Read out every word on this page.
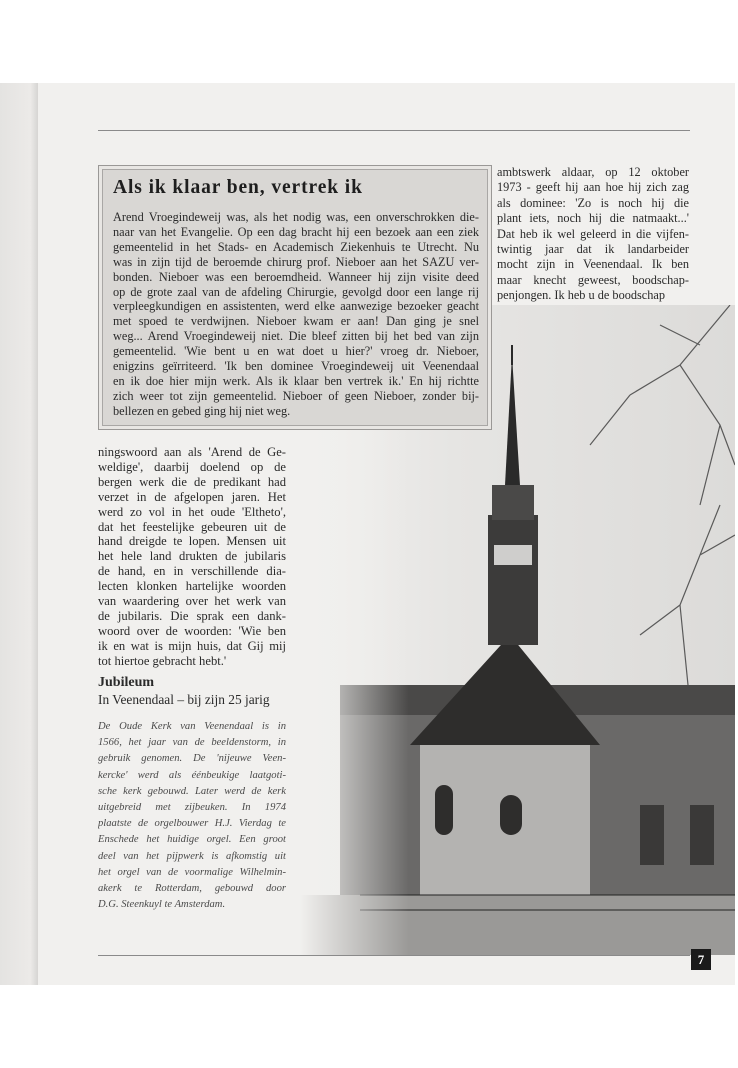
Als ik klaar ben, vertrek ik
Arend Vroegindeweij was, als het nodig was, een onverschrokken die-
naar van het Evangelie. Op een dag bracht hij een bezoek aan een ziek
gemeentelid in het Stads- en Academisch Ziekenhuis te Utrecht. Nu
was in zijn tijd de beroemde chirurg prof. Nieboer aan het SAZU ver-
bonden. Nieboer was een beroemdheid. Wanneer hij zijn visite deed
op de grote zaal van de afdeling Chirurgie, gevolgd door een lange rij
verpleegkundigen en assistenten, werd elke aanwezige bezoeker geacht
met spoed te verdwijnen. Nieboer kwam er aan! Dan ging je snel
weg... Arend Vroegindeweij niet. Die bleef zitten bij het bed van zijn
gemeentelid. 'Wie bent u en wat doet u hier?' vroeg dr. Nieboer,
enigzins geïrriteerd. 'Ik ben dominee Vroegindeweij uit Veenendaal
en ik doe hier mijn werk. Als ik klaar ben vertrek ik.' En hij richtte
zich weer tot zijn gemeentelid. Nieboer of geen Nieboer, zonder bij-
bellezen en gebed ging hij niet weg.
ambtswerk aldaar, op 12 oktober
1973 - geeft hij aan hoe hij zich zag
als dominee: 'Zo is noch hij die
plant iets, noch hij die natmaakt...'
Dat heb ik wel geleerd in die vijfen-
twintig jaar dat ik landarbeider
mocht zijn in Veenendaal. Ik ben
maar knecht geweest, boodschap-
penjongen. Ik heb u de boodschap
ningswoord aan als 'Arend de Ge-
weldige', daarbij doelend op de
bergen werk die de predikant had
verzet in de afgelopen jaren. Het
werd zo vol in het oude 'Eltheto',
dat het feestelijke gebeuren uit de
hand dreigde te lopen. Mensen uit
het hele land drukten de jubilaris
de hand, en in verschillende dia-
lecten klonken hartelijke woorden
van waardering over het werk van
de jubilaris. Die sprak een dank-
woord over de woorden: 'Wie ben
ik en wat is mijn huis, dat Gij mij
tot hiertoe gebracht hebt.'
Jubileum
In Veenendaal – bij zijn 25 jarig
De Oude Kerk van Veenendaal is in
1566, het jaar van de beeldenstorm, in
gebruik genomen. De 'nijeuwe Veen-
kercke' werd als éénbeukige laatgoti-
sche kerk gebouwd. Later werd de kerk
uitgebreid met zijbeuken. In 1974
plaatste de orgelbouwer H.J. Vierdag te
Enschede het huidige orgel. Een groot
deel van het pijpwerk is afkomstig uit
het orgel van de voormalige Wilhelmin-
akerk te Rotterdam, gebouwd door
D.G. Steenkuyl te Amsterdam.
7
